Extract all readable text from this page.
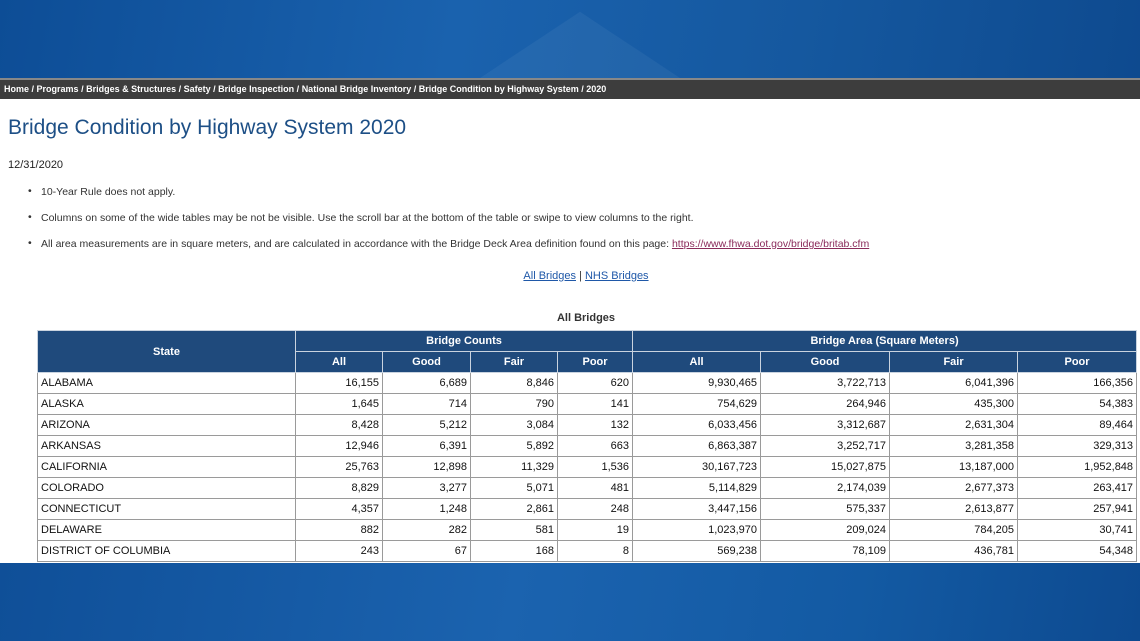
Home / Programs / Bridges & Structures / Safety / Bridge Inspection / National Bridge Inventory / Bridge Condition by Highway System / 2020
Bridge Condition by Highway System 2020
12/31/2020
• 10-Year Rule does not apply.
• Columns on some of the wide tables may be not be visible. Use the scroll bar at the bottom of the table or swipe to view columns to the right.
• All area measurements are in square meters, and are calculated in accordance with the Bridge Deck Area definition found on this page: https://www.fhwa.dot.gov/bridge/britab.cfm
All Bridges | NHS Bridges
All Bridges
State	Bridge Counts				Bridge Area (Square Meters)			
	All	Good	Fair	Poor	All	Good	Fair	Poor
ALABAMA	16,155	6,689	8,846	620	9,930,465	3,722,713	6,041,396	166,356
ALASKA	1,645	714	790	141	754,629	264,946	435,300	54,383
ARIZONA	8,428	5,212	3,084	132	6,033,456	3,312,687	2,631,304	89,464
ARKANSAS	12,946	6,391	5,892	663	6,863,387	3,252,717	3,281,358	329,313
CALIFORNIA	25,763	12,898	11,329	1,536	30,167,723	15,027,875	13,187,000	1,952,848
COLORADO	8,829	3,277	5,071	481	5,114,829	2,174,039	2,677,373	263,417
CONNECTICUT	4,357	1,248	2,861	248	3,447,156	575,337	2,613,877	257,941
DELAWARE	882	282	581	19	1,023,970	209,024	784,205	30,741
DISTRICT OF COLUMBIA	243	67	168	8	569,238	78,109	436,781	54,348
